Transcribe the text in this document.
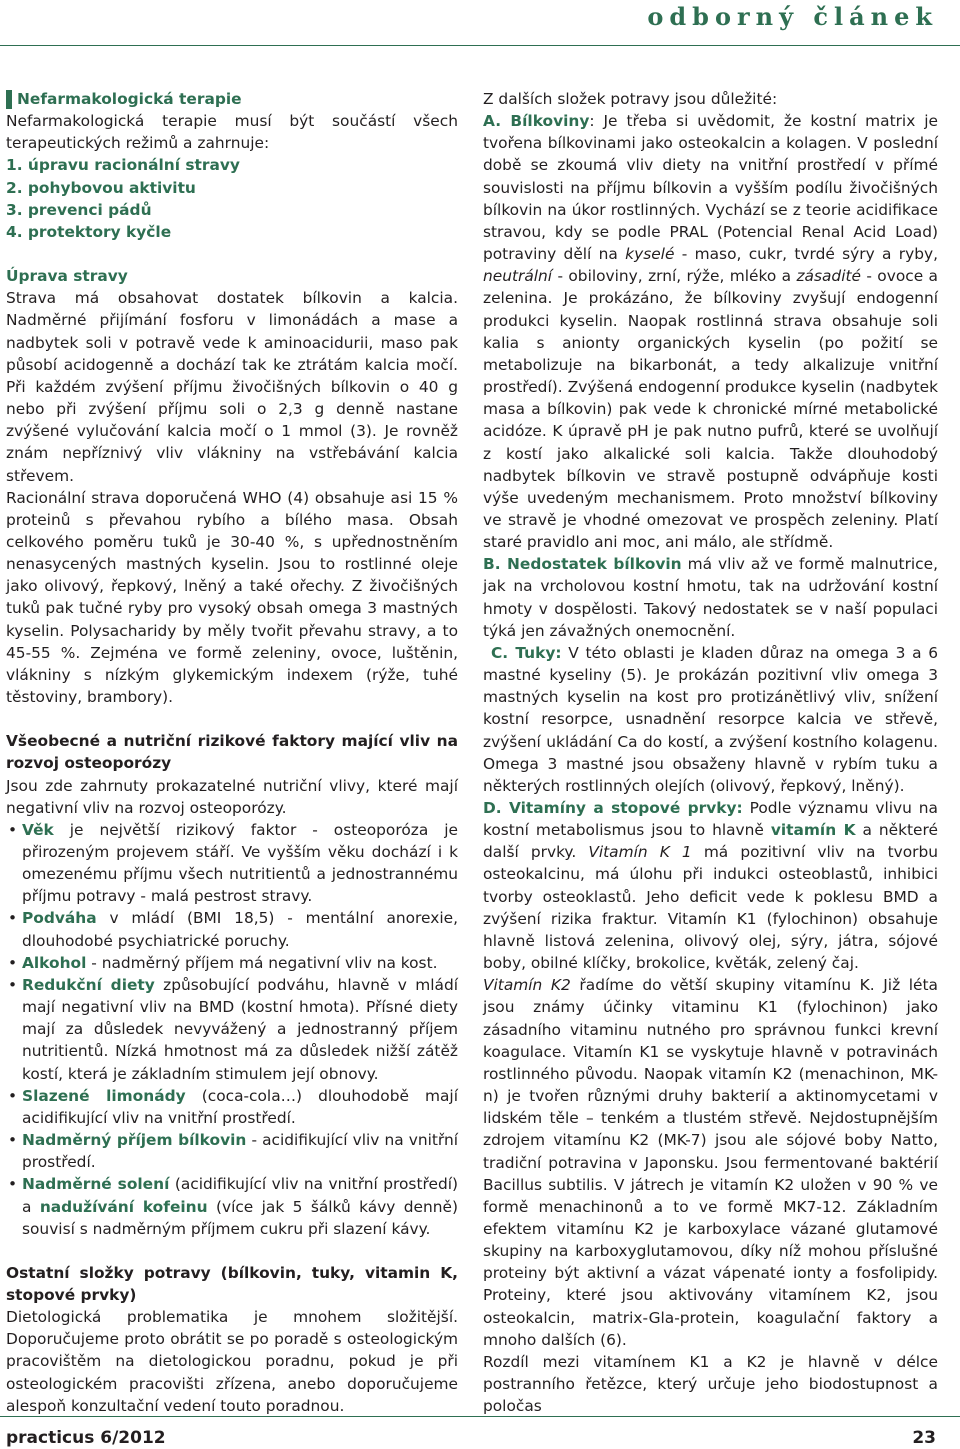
odborný článek
Nefarmakologická terapie

Nefarmakologická terapie musí být součástí všech terapeutických režimů a zahrnuje:

1. úpravu racionální stravy
2. pohybovou aktivitu
3. prevenci pádů
4. protektory kyčle
Úprava stravy

Strava má obsahovat dostatek bílkovin a kalcia. Nadměrné přijímání fosforu v limonádách a mase a nadbytek soli v potravě vede k aminoacidurii, maso pak působí acidogenně a dochází tak ke ztrátám kalcia močí. Při každém zvýšení příjmu živočišných bílkovin o 40 g nebo při zvýšení příjmu soli o 2,3 g denně nastane zvýšené vylučování kalcia močí o 1 mmol (3). Je rovněž znám nepříznivý vliv vlákniny na vstřebávání kalcia střevem.

Racionální strava doporučená WHO (4) obsahuje asi 15 % proteinů s převahou rybího a bílého masa. Obsah celkového poměru tuků je 30-40 %, s upřednostněním nenasycených mastných kyselin. Jsou to rostlinné oleje jako olivový, řepkový, lněný a také ořechy. Z živočišných tuků pak tučné ryby pro vysoký obsah omega 3 mastných kyselin. Polysacharidy by měly tvořit převahu stravy, a to 45-55 %. Zejména ve formě zeleniny, ovoce, luštěnin, vlákniny s nízkým glykemickým indexem (rýže, tuhé těstoviny, brambory).

Všeobecné a nutriční rizikové faktory mající vliv na rozvoj osteoporózy

Jsou zde zahrnuty prokazatelné nutriční vlivy, které mají negativní vliv na rozvoj osteoporózy.

• Věk je největší rizikový faktor - osteoporóza je přirozeným projevem stáří. Ve vyšším věku dochází i k omezenému příjmu všech nutritientů a jednostrannému příjmu potravy - malá pestrost stravy.
• Podváha v mládí (BMI 18,5) - mentální anorexie, dlouhodobé psychiatrické poruchy.
• Alkohol - nadměrný příjem má negativní vliv na kost.
• Redukční diety způsobující podváhu, hlavně v mládí mají negativní vliv na BMD (kostní hmota). Přísné diety mají za důsledek nevyvážený a jednostranný příjem nutritientů. Nízká hmotnost má za důsledek nižší zátěž kostí, která je základním stimulem její obnovy.
• Slazené limonády (coca-cola…) dlouhodobě mají acidifikující vliv na vnitřní prostředí.
• Nadměrný příjem bílkovin - acidifikující vliv na vnitřní prostředí.
• Nadměrné solení (acidifikující vliv na vnitřní prostředí) a nadužívání kofeinu (více jak 5 šálků kávy denně) souvisí s nadměrným příjmem cukru při slazení kávy.
Ostatní složky potravy (bílkovin, tuky, vitamin K, stopové prvky)

Dietologická problematika je mnohem složitější. Doporučujeme proto obrátit se po poradě s osteologickým pracovištěm na dietologickou poradnu, pokud je při osteologickém pracovišti zřízena, anebo doporučujeme alespoň konzultační vedení touto poradnou.

Z dalších složek potravy jsou důležité:

A. Bílkoviny: Je třeba si uvědomit, že kostní matrix je tvořena bílkovinami jako osteokalcin a kolagen. V poslední době se zkoumá vliv diety na vnitřní prostředí v přímé souvislosti na příjmu bílkovin a vyšším podílu živočišných bílkovin na úkor rostlinných. Vychází se z teorie acidifikace stravou, kdy se podle PRAL (Potencial Renal Acid Load) potraviny dělí na kyselé - maso, cukr, tvrdé sýry a ryby, neutrální - obiloviny, zrní, rýže, mléko a zásadité - ovoce a zelenina. Je prokázáno, že bílkoviny zvyšují endogenní produkci kyselin. Naopak rostlinná strava obsahuje soli kalia s anionty organických kyselin (po požití se metabolizuje na bikarbonát, a tedy alkalizuje vnitřní prostředí). Zvýšená endogenní produkce kyselin (nadbytek masa a bílkovin) pak vede k chronické mírné metabolické acidóze. K úpravě pH je pak nutno pufrů, které se uvolňují z kostí jako alkalické soli kalcia. Takže dlouhodobý nadbytek bílkovin ve stravě postupně odvápňuje kosti výše uvedeným mechanismem. Proto množství bílkoviny ve stravě je vhodné omezovat ve prospěch zeleniny. Platí staré pravidlo ani moc, ani málo, ale střídmě.

B. Nedostatek bílkovin má vliv až ve formě malnutrice, jak na vrcholovou kostní hmotu, tak na udržování kostní hmoty v dospělosti. Takový nedostatek se v naší populaci týká jen závažných onemocnění.

C. Tuky: V této oblasti je kladen důraz na omega 3 a 6 mastné kyseliny (5). Je prokázán pozitivní vliv omega 3 mastných kyselin na kost pro protizánětlivý vliv, snížení kostní resorpce, usnadnění resorpce kalcia ve střevě, zvýšení ukládání Ca do kostí, a zvýšení kostního kolagenu. Omega 3 mastné jsou obsaženy hlavně v rybím tuku a některých rostlinných olejích (olivový, řepkový, lněný).

D. Vitamíny a stopové prvky: Podle významu vlivu na kostní metabolismus jsou to hlavně vitamín K a některé další prvky. Vitamín K 1 má pozitivní vliv na tvorbu osteokalcinu, má úlohu při indukci osteoblastů, inhibici tvorby osteoklastů. Jeho deficit vede k poklesu BMD a zvýšení rizika fraktur. Vitamín K1 (fylochinon) obsahuje hlavně listová zelenina, olivový olej, sýry, játra, sójové boby, obilné klíčky, brokolice, květák, zelený čaj.

Vitamín K2 řadíme do větší skupiny vitamínu K. Již léta jsou známy účinky vitaminu K1 (fylochinon) jako zásadního vitaminu nutného pro správnou funkci krevní koagulace. Vitamín K1 se vyskytuje hlavně v potravinách rostlinného původu. Naopak vitamín K2 (menachinon, MK-n) je tvořen různými druhy bakterií a aktinomycetami v lidském těle – tenkém a tlustém střevě. Nejdostupnějším zdrojem vitamínu K2 (MK-7) jsou ale sójové boby Natto, tradiční potravina v Japonsku. Jsou fermentované baktérií Bacillus subtilis. V játrech je vitamín K2 uložen v 90 % ve formě menachinonů a to ve formě MK7-12. Základním efektem vitamínu K2 je karboxylace vázané glutamové skupiny na karboxyglutamovou, díky níž mohou příslušné proteiny být aktivní a vázat vápenaté ionty a fosfolipidy. Proteiny, které jsou aktivovány vitamínem K2, jsou osteokalcin, matrix-Gla-protein, koagulační faktory a mnoho dalších (6).

Rozdíl mezi vitamínem K1 a K2 je hlavně v délce postranního řetězce, který určuje jeho biodostupnost a poločas

practicus 6/2012	23
